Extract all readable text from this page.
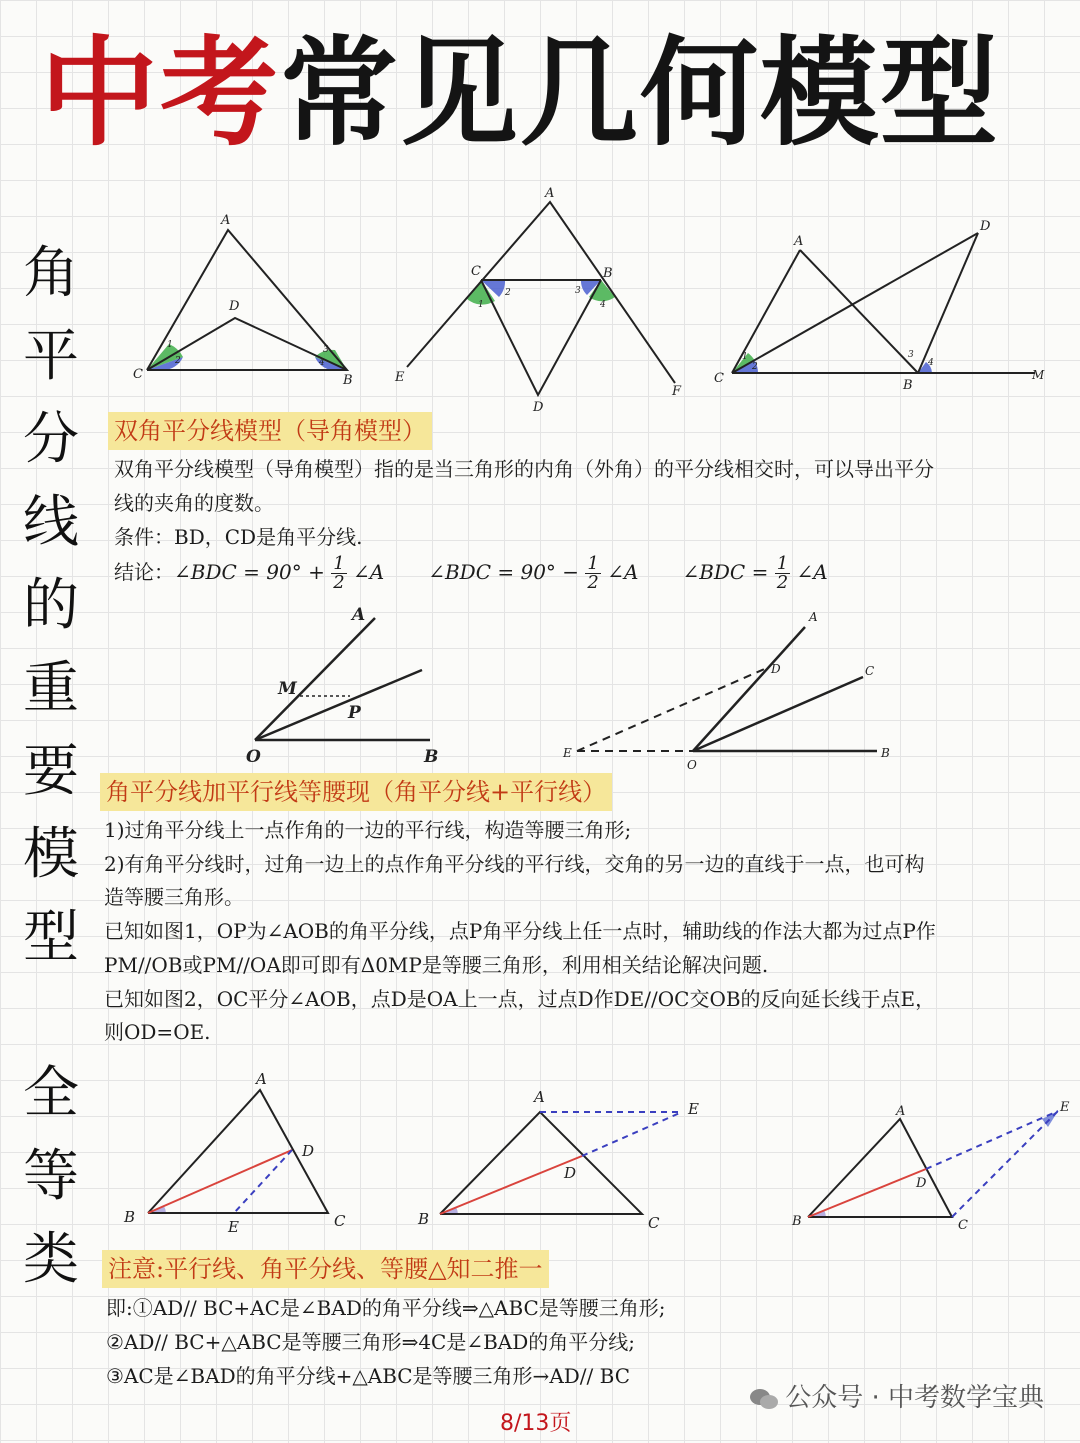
中考常见几何模型
角
平
分
线
的
重
要
模
型
全
等
类
A
C	B
D
1
2
3
4
A
C	B
D
E
F
1
2	3
4
A
C	B
D
M
1
2
3
4
双角平分线模型（导角模型）
双角平分线模型（导角模型）指的是当三角形的内角（外角）的平分线相交时，可以导出平分
线的夹角的度数。
条件：BD，CD是角平分线.
结论：∠BDC = $90^\circ + \frac{1}{2}$ ∠A ∠BDC = $90^\circ - \frac{1}{2}$ ∠A ∠BDC = $\frac{1}{2}$ ∠A
A
M
P
O	B
A
D	C
E
O
B
角平分线加平行线等腰现（角平分线+平行线）
1)过角平分线上一点作角的一边的平行线，构造等腰三角形;
2)有角平分线时，过角一边上的点作角平分线的平行线，交角的另一边的直线于一点，也可构
造等腰三角形。
已知如图1，OP为∠AOB的角平分线，点P角平分线上任一点时，辅助线的作法大都为过点P作
PM//OB或PM//OA即可即有Δ0MP是等腰三角形，利用相关结论解决问题.
已知如图2，OC平分∠AOB，点D是OA上一点，过点D作DE//OC交OB的反向延长线于点E，
则OD=OE.
A
B	C
D
E
A
B	C
D
E	A
B	C
D
E
注意:平行线、角平分线、等腰△知二推一
即:①AD// BC+AC是∠BAD的角平分线⇒△ABC是等腰三角形;
②AD// BC+△ABC是等腰三角形⇒4C是∠BAD的角平分线;
③AC是∠BAD的角平分线+△ABC是等腰三角形→AD// BC
公众号 · 中考数学宝典
8/13页
